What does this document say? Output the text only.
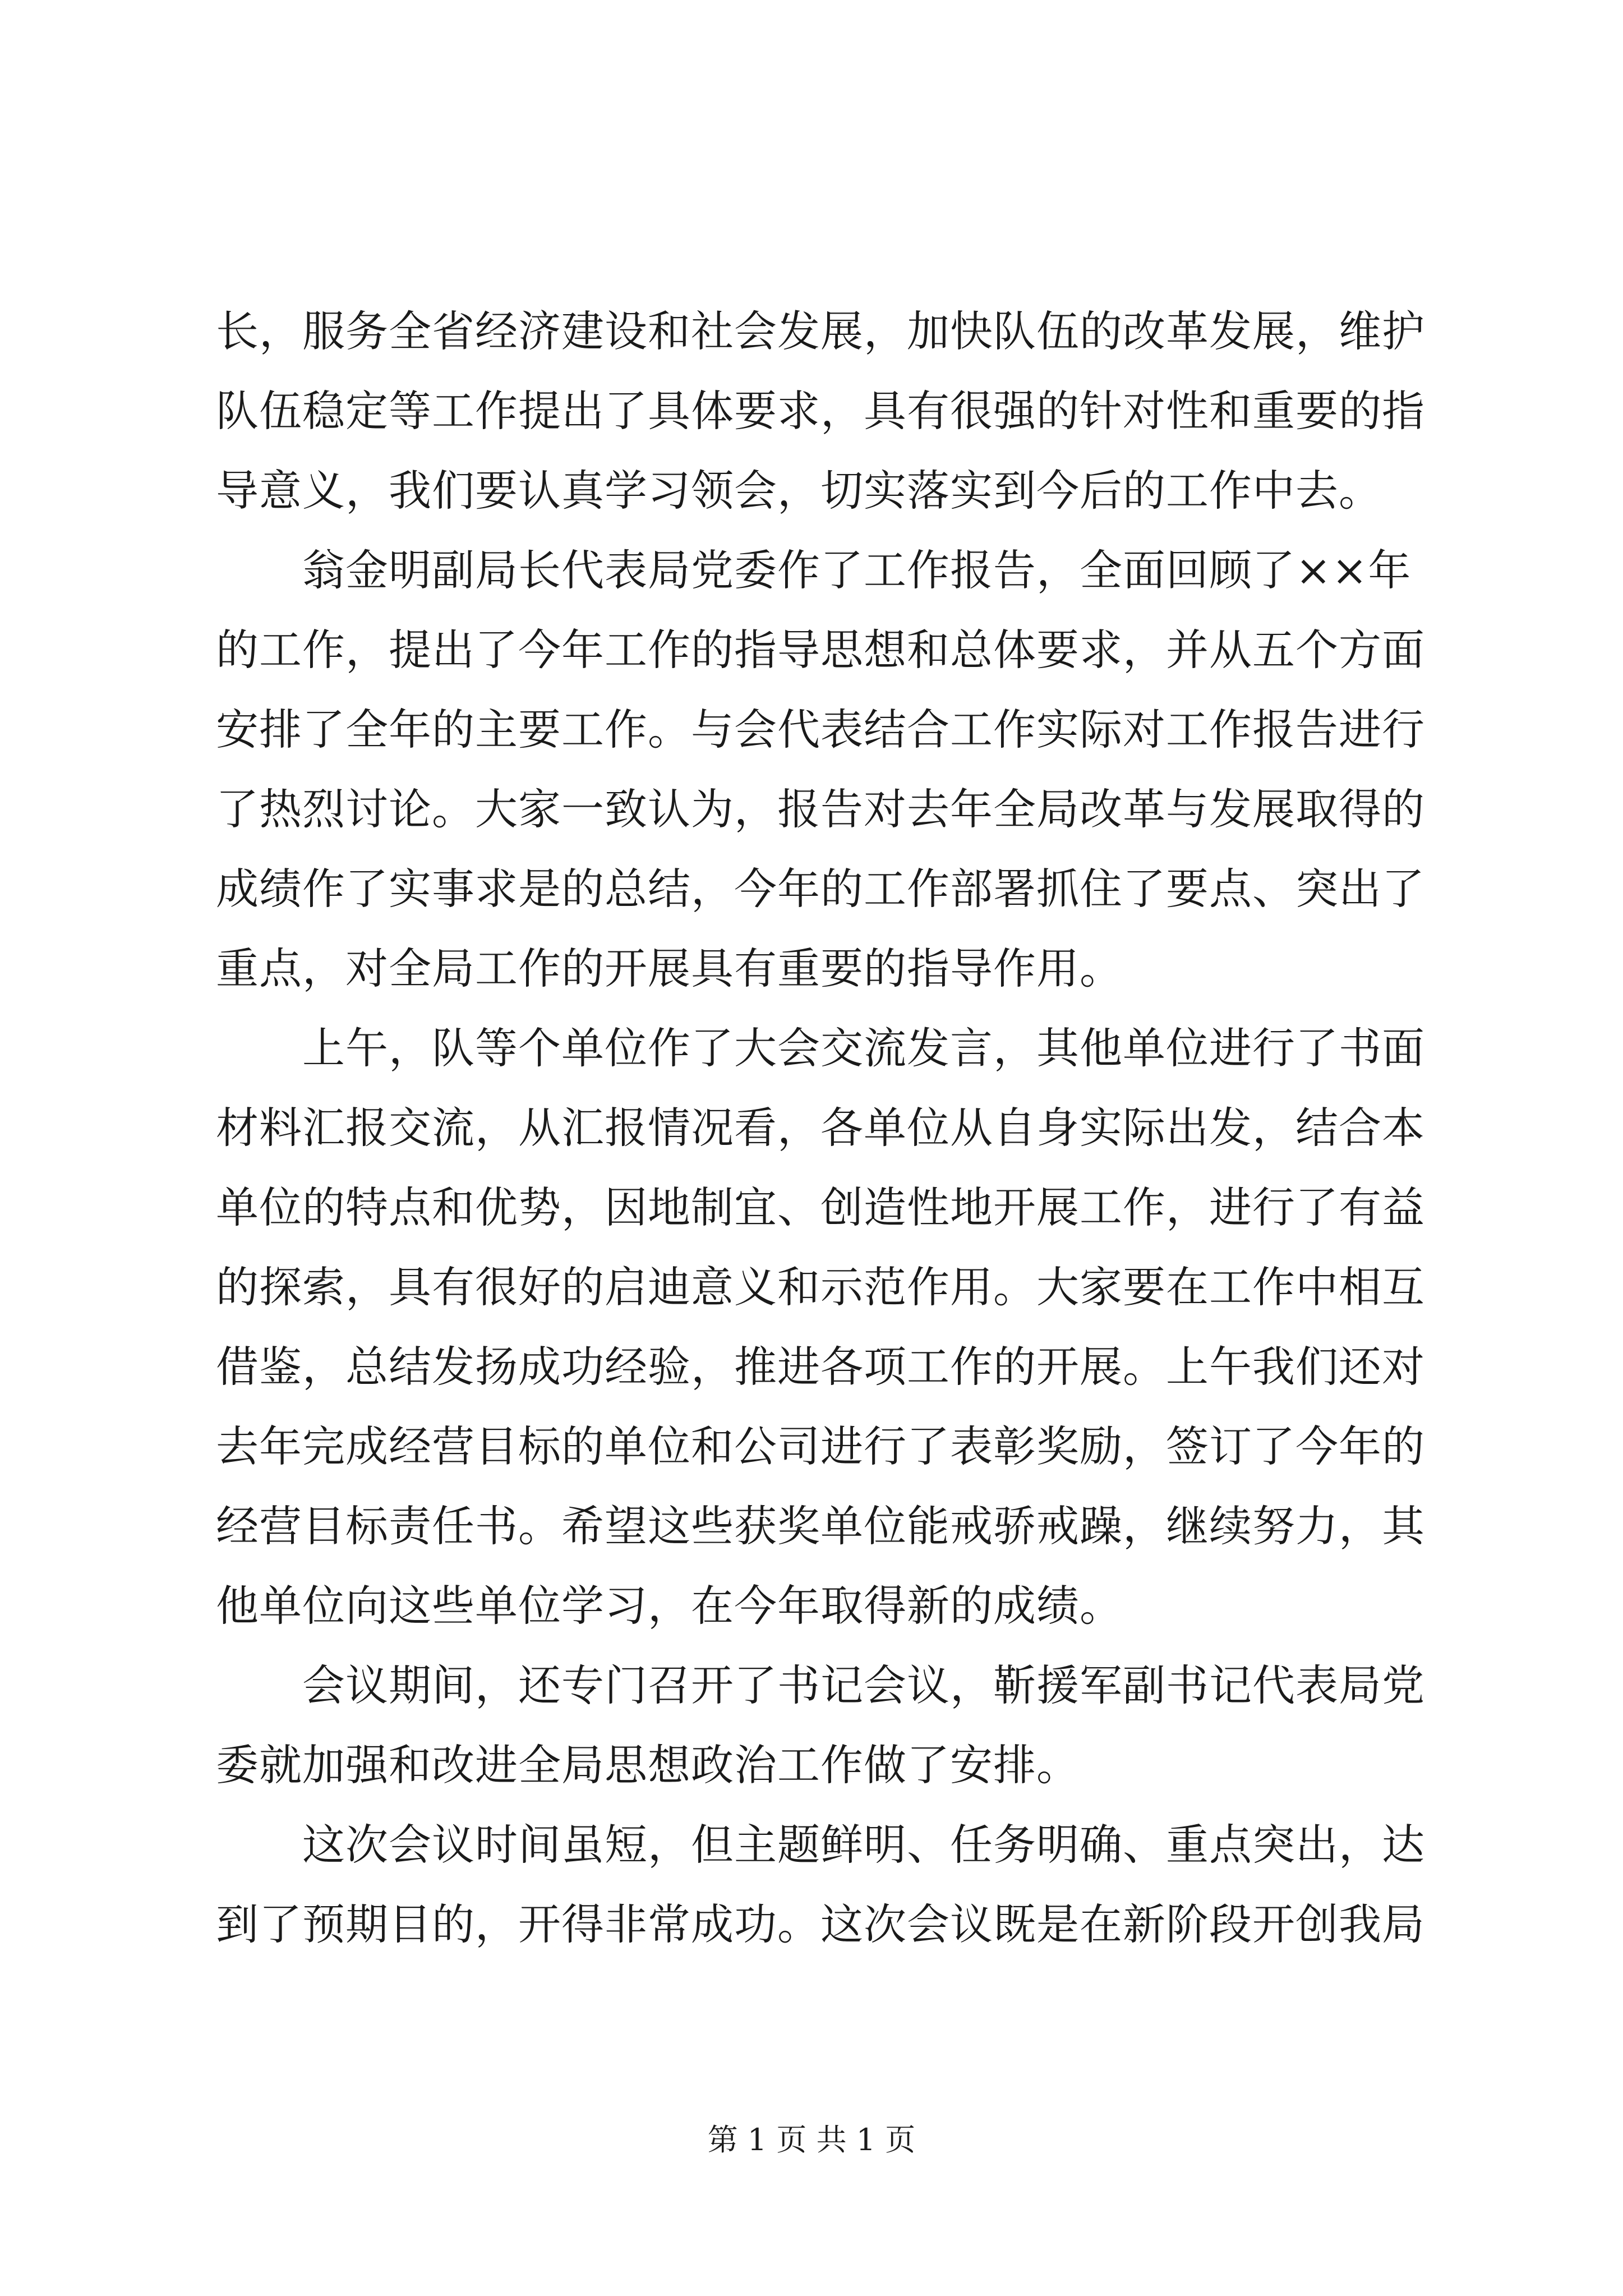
长，服务全省经济建设和社会发展，加快队伍的改革发展，维护
队伍稳定等工作提出了具体要求，具有很强的针对性和重要的指
导意义，我们要认真学习领会，切实落实到今后的工作中去。
　　翁金明副局长代表局党委作了工作报告，全面回顾了××年
的工作，提出了今年工作的指导思想和总体要求，并从五个方面
安排了全年的主要工作。与会代表结合工作实际对工作报告进行
了热烈讨论。大家一致认为，报告对去年全局改革与发展取得的
成绩作了实事求是的总结，今年的工作部署抓住了要点、突出了
重点，对全局工作的开展具有重要的指导作用。
　　上午，队等个单位作了大会交流发言，其他单位进行了书面
材料汇报交流，从汇报情况看，各单位从自身实际出发，结合本
单位的特点和优势，因地制宜、创造性地开展工作，进行了有益
的探索，具有很好的启迪意义和示范作用。大家要在工作中相互
借鉴，总结发扬成功经验，推进各项工作的开展。上午我们还对
去年完成经营目标的单位和公司进行了表彰奖励，签订了今年的
经营目标责任书。希望这些获奖单位能戒骄戒躁，继续努力，其
他单位向这些单位学习，在今年取得新的成绩。
　　会议期间，还专门召开了书记会议，靳援军副书记代表局党
委就加强和改进全局思想政治工作做了安排。
　　这次会议时间虽短，但主题鲜明、任务明确、重点突出，达
到了预期目的，开得非常成功。这次会议既是在新阶段开创我局
第 1 页 共 1 页
